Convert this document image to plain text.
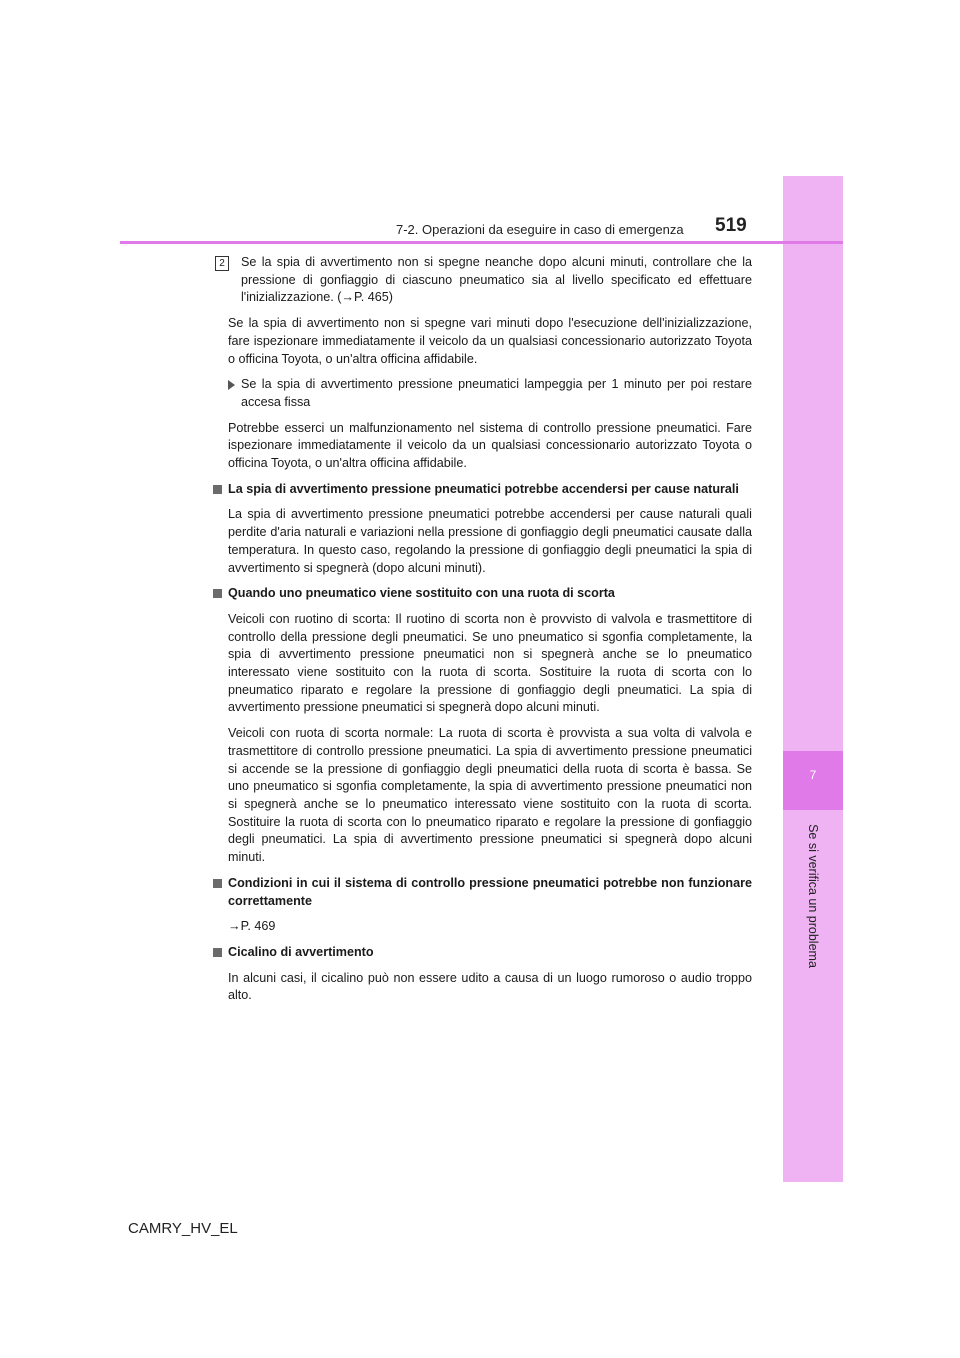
7
Se si verifica un problema
7-2. Operazioni da eseguire in caso di emergenza 519

2	Se la spia di avvertimento non si spegne neanche dopo alcuni minuti, controllare che la pressione di gonfiaggio di ciascuno pneumatico sia al livello specificato ed effettuare l'inizializzazione. (→P. 465)

Se la spia di avvertimento non si spegne vari minuti dopo l'esecuzione dell'inizializzazione, fare ispezionare immediatamente il veicolo da un qualsiasi concessionario autorizzato Toyota o officina Toyota, o un'altra officina affidabile.

Se la spia di avvertimento pressione pneumatici lampeggia per 1 minuto per poi restare accesa fissa

Potrebbe esserci un malfunzionamento nel sistema di controllo pressione pneumatici. Fare ispezionare immediatamente il veicolo da un qualsiasi concessionario autorizzato Toyota o officina Toyota, o un'altra officina affidabile.

La spia di avvertimento pressione pneumatici potrebbe accendersi per cause naturali

La spia di avvertimento pressione pneumatici potrebbe accendersi per cause naturali quali perdite d'aria naturali e variazioni nella pressione di gonfiaggio degli pneumatici causate dalla temperatura. In questo caso, regolando la pressione di gonfiaggio degli pneumatici la spia di avvertimento si spegnerà (dopo alcuni minuti).

Quando uno pneumatico viene sostituito con una ruota di scorta

Veicoli con ruotino di scorta: Il ruotino di scorta non è provvisto di valvola e trasmettitore di controllo della pressione degli pneumatici. Se uno pneumatico si sgonfia completamente, la spia di avvertimento pressione pneumatici non si spegnerà anche se lo pneumatico interessato viene sostituito con la ruota di scorta. Sostituire la ruota di scorta con lo pneumatico riparato e regolare la pressione di gonfiaggio degli pneumatici. La spia di avvertimento pressione pneumatici si spegnerà dopo alcuni minuti.

Veicoli con ruota di scorta normale: La ruota di scorta è provvista a sua volta di valvola e trasmettitore di controllo pressione pneumatici. La spia di avvertimento pressione pneumatici si accende se la pressione di gonfiaggio degli pneumatici della ruota di scorta è bassa. Se uno pneumatico si sgonfia completamente, la spia di avvertimento pressione pneumatici non si spegnerà anche se lo pneumatico interessato viene sostituito con la ruota di scorta. Sostituire la ruota di scorta con lo pneumatico riparato e regolare la pressione di gonfiaggio degli pneumatici. La spia di avvertimento pressione pneumatici si spegnerà dopo alcuni minuti.

Condizioni in cui il sistema di controllo pressione pneumatici potrebbe non funzionare correttamente

→P. 469

Cicalino di avvertimento

In alcuni casi, il cicalino può non essere udito a causa di un luogo rumoroso o audio troppo alto.

CAMRY_HV_EL
